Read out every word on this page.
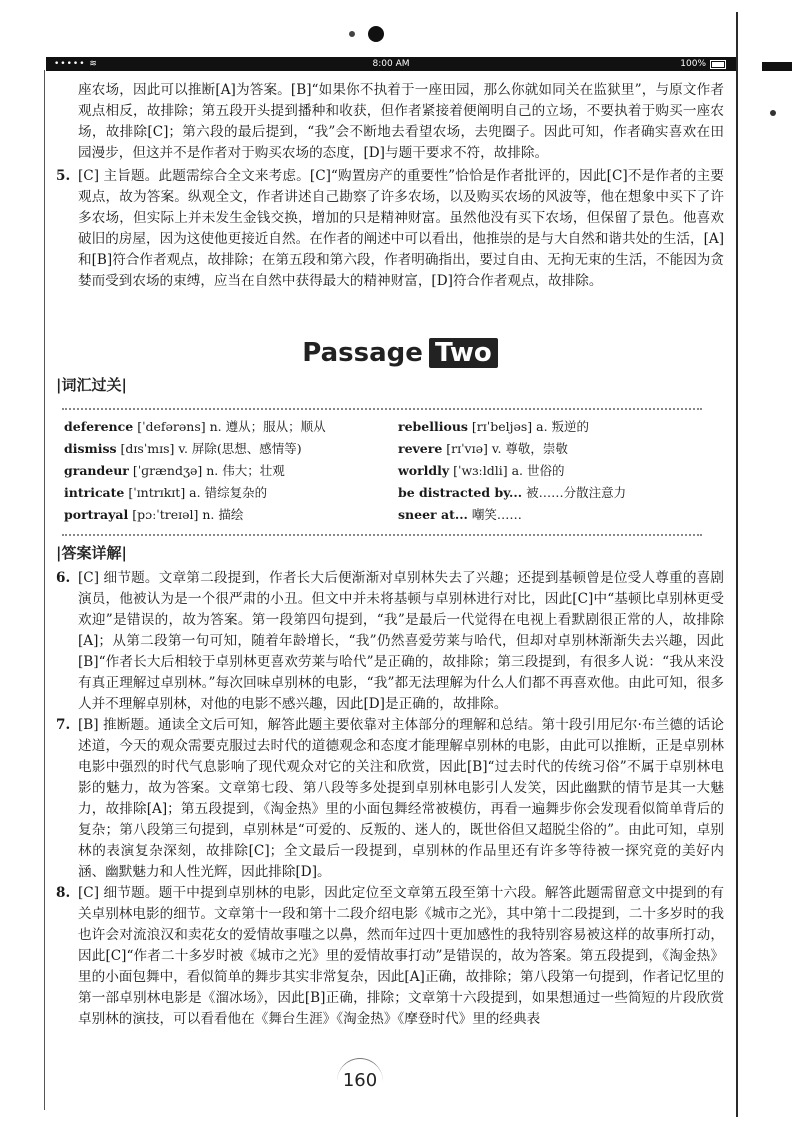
••••• ≋	8:00 AM	100%

座农场，因此可以推断[A]为答案。[B]“如果你不执着于一座田园，那么你就如同关在监狱里”，与原文作者观点相反，故排除；第五段开头提到播种和收获，但作者紧接着便阐明自己的立场，不要执着于购买一座农场，故排除[C]；第六段的最后提到，“我”会不断地去看望农场，去兜圈子。因此可知，作者确实喜欢在田园漫步，但这并不是作者对于购买农场的态度，[D]与题干要求不符，故排除。

5. [C] 主旨题。此题需综合全文来考虑。[C]“购置房产的重要性”恰恰是作者批评的，因此[C]不是作者的主要观点，故为答案。纵观全文，作者讲述自己勘察了许多农场，以及购买农场的风波等，他在想象中买下了许多农场，但实际上并未发生金钱交换，增加的只是精神财富。虽然他没有买下农场，但保留了景色。他喜欢破旧的房屋，因为这使他更接近自然。在作者的阐述中可以看出，他推崇的是与大自然和谐共处的生活，[A]和[B]符合作者观点，故排除；在第五段和第六段，作者明确指出，要过自由、无拘无束的生活，不能因为贪婪而受到农场的束缚，应当在自然中获得最大的精神财富，[D]符合作者观点，故排除。

Passage Two
|词汇过关|
deference [ˈdefərəns] n. 遵从；服从；顺从
dismiss [dɪsˈmɪs] v. 屏除(思想、感情等)
grandeur [ˈɡrændʒə] n. 伟大；壮观
intricate [ˈɪntrɪkɪt] a. 错综复杂的
portrayal [pɔːˈtreɪəl] n. 描绘
rebellious [rɪˈbeljəs] a. 叛逆的
revere [rɪˈvɪə] v. 尊敬，崇敬
worldly [ˈwɜːldli] a. 世俗的
be distracted by... 被……分散注意力
sneer at... 嘲笑……
|答案详解|

6. [C] 细节题。文章第二段提到，作者长大后便渐渐对卓别林失去了兴趣；还提到基顿曾是位受人尊重的喜剧演员，他被认为是一个很严肃的小丑。但文中并未将基顿与卓别林进行对比，因此[C]中“基顿比卓别林更受欢迎”是错误的，故为答案。第一段第四句提到，“我”是最后一代觉得在电视上看默剧很正常的人，故排除[A]；从第二段第一句可知，随着年龄增长，“我”仍然喜爱劳莱与哈代，但却对卓别林渐渐失去兴趣，因此[B]“作者长大后相较于卓别林更喜欢劳莱与哈代”是正确的，故排除；第三段提到，有很多人说：“我从来没有真正理解过卓别林。”每次回味卓别林的电影，“我”都无法理解为什么人们都不再喜欢他。由此可知，很多人并不理解卓别林，对他的电影不感兴趣，因此[D]是正确的，故排除。

7. [B] 推断题。通读全文后可知，解答此题主要依靠对主体部分的理解和总结。第十段引用尼尔·布兰德的话论述道，今天的观众需要克服过去时代的道德观念和态度才能理解卓别林的电影，由此可以推断，正是卓别林电影中强烈的时代气息影响了现代观众对它的关注和欣赏，因此[B]“过去时代的传统习俗”不属于卓别林电影的魅力，故为答案。文章第七段、第八段等多处提到卓别林电影引人发笑，因此幽默的情节是其一大魅力，故排除[A]；第五段提到，《淘金热》里的小面包舞经常被模仿，再看一遍舞步你会发现看似简单背后的复杂；第八段第三句提到，卓别林是“可爱的、反叛的、迷人的，既世俗但又超脱尘俗的”。由此可知，卓别林的表演复杂深刻，故排除[C]；全文最后一段提到，卓别林的作品里还有许多等待被一探究竟的美好内涵、幽默魅力和人性光辉，因此排除[D]。

8. [C] 细节题。题干中提到卓别林的电影，因此定位至文章第五段至第十六段。解答此题需留意文中提到的有关卓别林电影的细节。文章第十一段和第十二段介绍电影《城市之光》，其中第十二段提到，二十多岁时的我也许会对流浪汉和卖花女的爱情故事嗤之以鼻，然而年过四十更加感性的我特别容易被这样的故事所打动，因此[C]“作者二十多岁时被《城市之光》里的爱情故事打动”是错误的，故为答案。第五段提到，《淘金热》里的小面包舞中，看似简单的舞步其实非常复杂，因此[A]正确，故排除；第八段第一句提到，作者记忆里的第一部卓别林电影是《溜冰场》，因此[B]正确，排除；文章第十六段提到，如果想通过一些简短的片段欣赏卓别林的演技，可以看看他在《舞台生涯》《淘金热》《摩登时代》里的经典表

160
